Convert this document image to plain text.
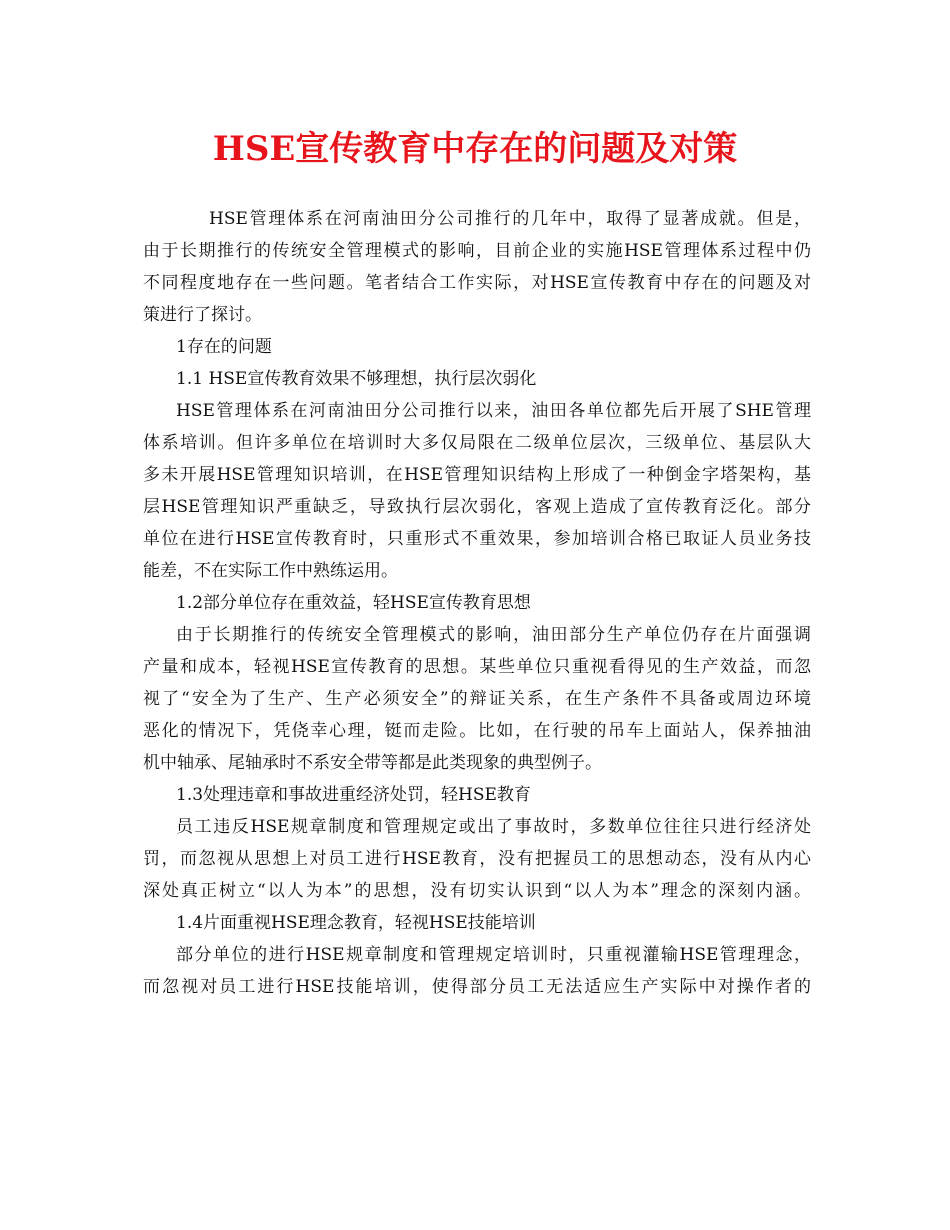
HSE宣传教育中存在的问题及对策
HSE管理体系在河南油田分公司推行的几年中，取得了显著成就。但是，
由于长期推行的传统安全管理模式的影响，目前企业的实施HSE管理体系过程中仍
不同程度地存在一些问题。笔者结合工作实际，对HSE宣传教育中存在的问题及对
策进行了探讨。
1存在的问题
1.1 HSE宣传教育效果不够理想，执行层次弱化
HSE管理体系在河南油田分公司推行以来，油田各单位都先后开展了SHE管理
体系培训。但许多单位在培训时大多仅局限在二级单位层次，三级单位、基层队大
多未开展HSE管理知识培训，在HSE管理知识结构上形成了一种倒金字塔架构，基
层HSE管理知识严重缺乏，导致执行层次弱化，客观上造成了宣传教育泛化。部分
单位在进行HSE宣传教育时，只重形式不重效果，参加培训合格已取证人员业务技
能差，不在实际工作中熟练运用。
1.2部分单位存在重效益，轻HSE宣传教育思想
由于长期推行的传统安全管理模式的影响，油田部分生产单位仍存在片面强调
产量和成本，轻视HSE宣传教育的思想。某些单位只重视看得见的生产效益，而忽
视了“安全为了生产、生产必须安全”的辩证关系，在生产条件不具备或周边环境
恶化的情况下，凭侥幸心理，铤而走险。比如，在行驶的吊车上面站人，保养抽油
机中轴承、尾轴承时不系安全带等都是此类现象的典型例子。
1.3处理违章和事故进重经济处罚，轻HSE教育
员工违反HSE规章制度和管理规定或出了事故时，多数单位往往只进行经济处
罚，而忽视从思想上对员工进行HSE教育，没有把握员工的思想动态，没有从内心
深处真正树立“以人为本”的思想，没有切实认识到“以人为本”理念的深刻内涵。
1.4片面重视HSE理念教育，轻视HSE技能培训
部分单位的进行HSE规章制度和管理规定培训时，只重视灌输HSE管理理念，
而忽视对员工进行HSE技能培训，使得部分员工无法适应生产实际中对操作者的
